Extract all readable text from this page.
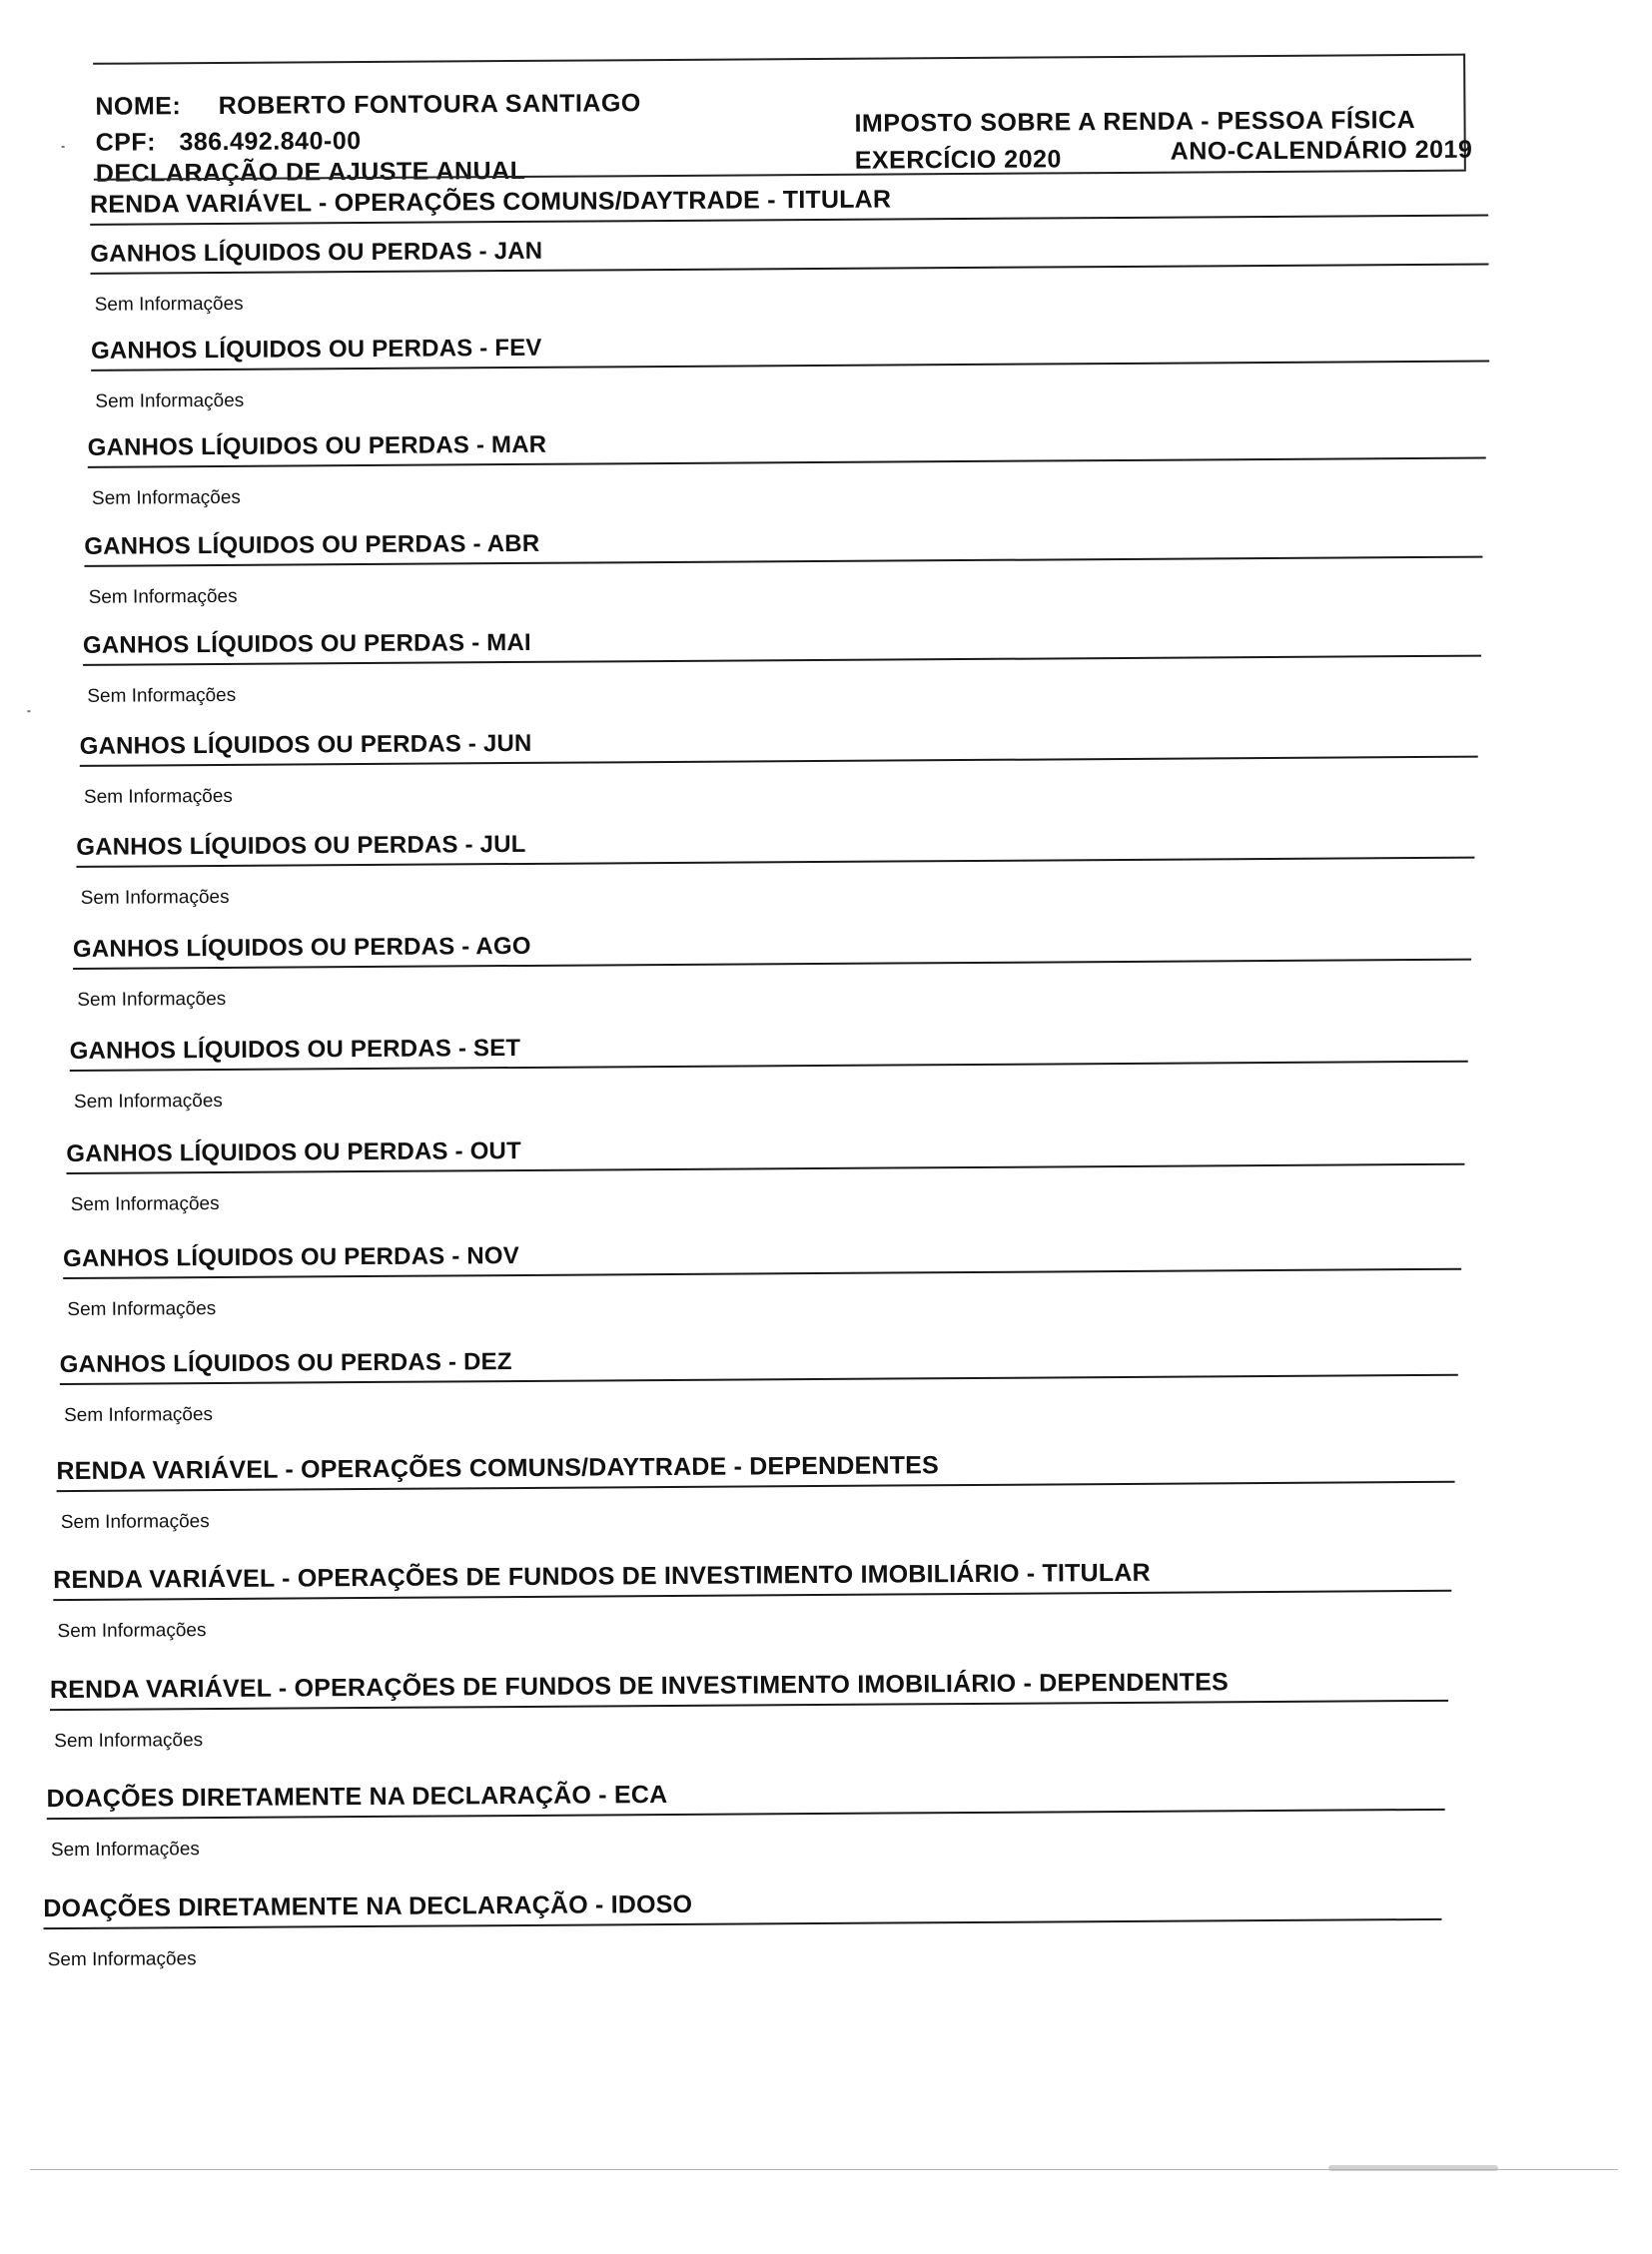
NOME: ROBERTO FONTOURA SANTIAGO
CPF: 386.492.840-00
DECLARAÇÃO DE AJUSTE ANUAL
IMPOSTO SOBRE A RENDA - PESSOA FÍSICA
EXERCÍCIO 2020	ANO-CALENDÁRIO 2019
RENDA VARIÁVEL - OPERAÇÕES COMUNS/DAYTRADE - TITULAR
GANHOS LÍQUIDOS OU PERDAS - JAN
Sem Informações
GANHOS LÍQUIDOS OU PERDAS - FEV
Sem Informações
GANHOS LÍQUIDOS OU PERDAS - MAR
Sem Informações
GANHOS LÍQUIDOS OU PERDAS - ABR
Sem Informações
GANHOS LÍQUIDOS OU PERDAS - MAI
Sem Informações
GANHOS LÍQUIDOS OU PERDAS - JUN
Sem Informações
GANHOS LÍQUIDOS OU PERDAS - JUL
Sem Informações
GANHOS LÍQUIDOS OU PERDAS - AGO
Sem Informações
GANHOS LÍQUIDOS OU PERDAS - SET
Sem Informações
GANHOS LÍQUIDOS OU PERDAS - OUT
Sem Informações
GANHOS LÍQUIDOS OU PERDAS - NOV
Sem Informações
GANHOS LÍQUIDOS OU PERDAS - DEZ
Sem Informações
RENDA VARIÁVEL - OPERAÇÕES COMUNS/DAYTRADE - DEPENDENTES
Sem Informações
RENDA VARIÁVEL - OPERAÇÕES DE FUNDOS DE INVESTIMENTO IMOBILIÁRIO - TITULAR
Sem Informações
RENDA VARIÁVEL - OPERAÇÕES DE FUNDOS DE INVESTIMENTO IMOBILIÁRIO - DEPENDENTES
Sem Informações
DOAÇÕES DIRETAMENTE NA DECLARAÇÃO - ECA
Sem Informações
DOAÇÕES DIRETAMENTE NA DECLARAÇÃO - IDOSO
Sem Informações
